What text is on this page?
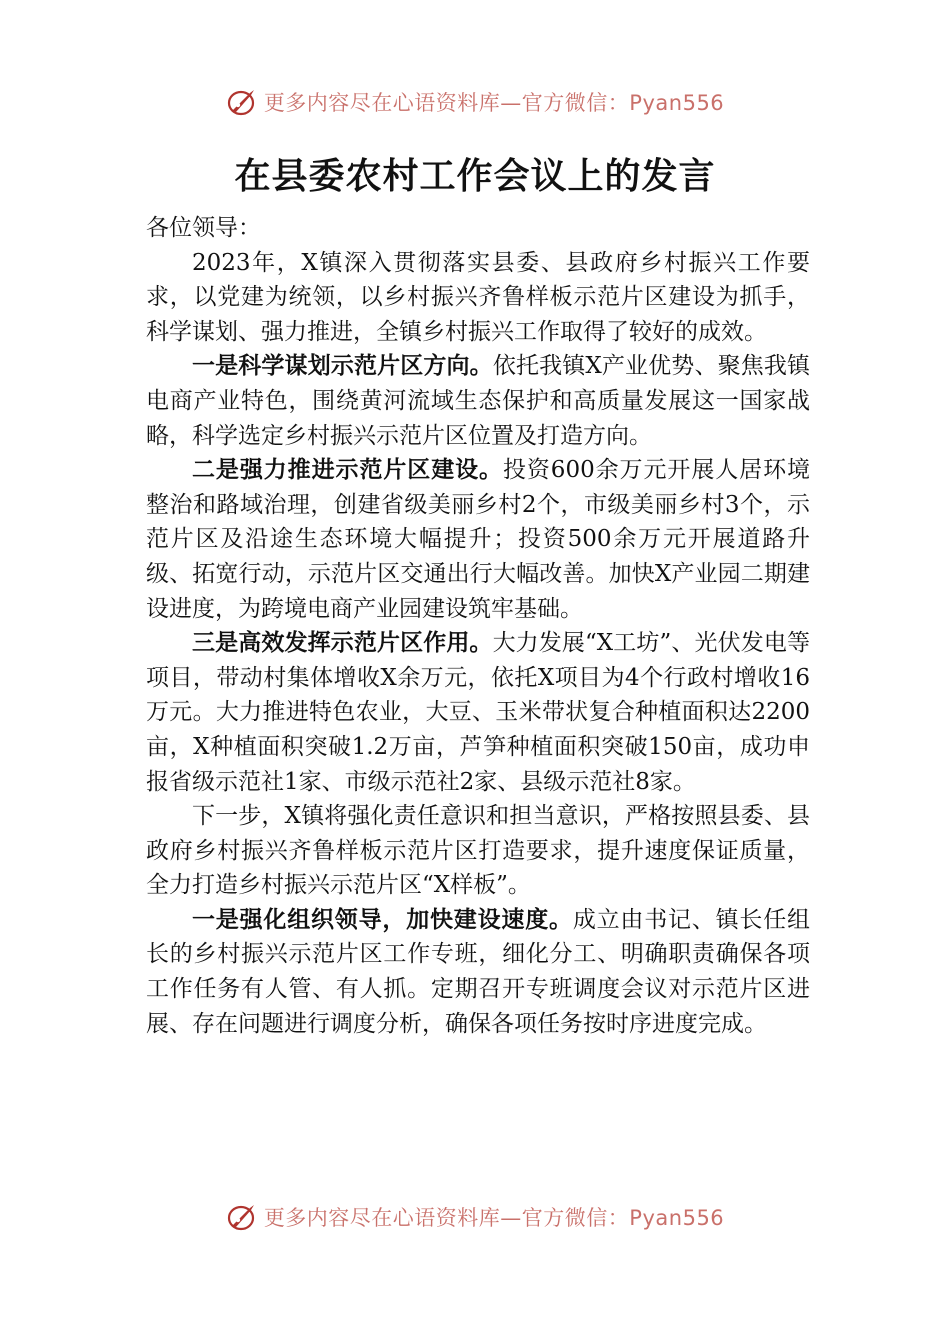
更多内容尽在心语资料库—官方微信：Pyan556
在县委农村工作会议上的发言

各位领导：

2023年，X镇深入贯彻落实县委、县政府乡村振兴工作要求，以党建为统领，以乡村振兴齐鲁样板示范片区建设为抓手，科学谋划、强力推进，全镇乡村振兴工作取得了较好的成效。

一是科学谋划示范片区方向。依托我镇X产业优势、聚焦我镇电商产业特色，围绕黄河流域生态保护和高质量发展这一国家战略，科学选定乡村振兴示范片区位置及打造方向。

二是强力推进示范片区建设。投资600余万元开展人居环境整治和路域治理，创建省级美丽乡村2个，市级美丽乡村3个，示范片区及沿途生态环境大幅提升；投资500余万元开展道路升级、拓宽行动，示范片区交通出行大幅改善。加快X产业园二期建设进度，为跨境电商产业园建设筑牢基础。

三是高效发挥示范片区作用。大力发展“X工坊”、光伏发电等项目，带动村集体增收X余万元，依托X项目为4个行政村增收16万元。大力推进特色农业，大豆、玉米带状复合种植面积达2200亩，X种植面积突破1.2万亩，芦笋种植面积突破150亩，成功申报省级示范社1家、市级示范社2家、县级示范社8家。

下一步，X镇将强化责任意识和担当意识，严格按照县委、县政府乡村振兴齐鲁样板示范片区打造要求，提升速度保证质量，全力打造乡村振兴示范片区“X样板”。

一是强化组织领导，加快建设速度。成立由书记、镇长任组长的乡村振兴示范片区工作专班，细化分工、明确职责确保各项工作任务有人管、有人抓。定期召开专班调度会议对示范片区进展、存在问题进行调度分析，确保各项任务按时序进度完成。

更多内容尽在心语资料库—官方微信：Pyan556
